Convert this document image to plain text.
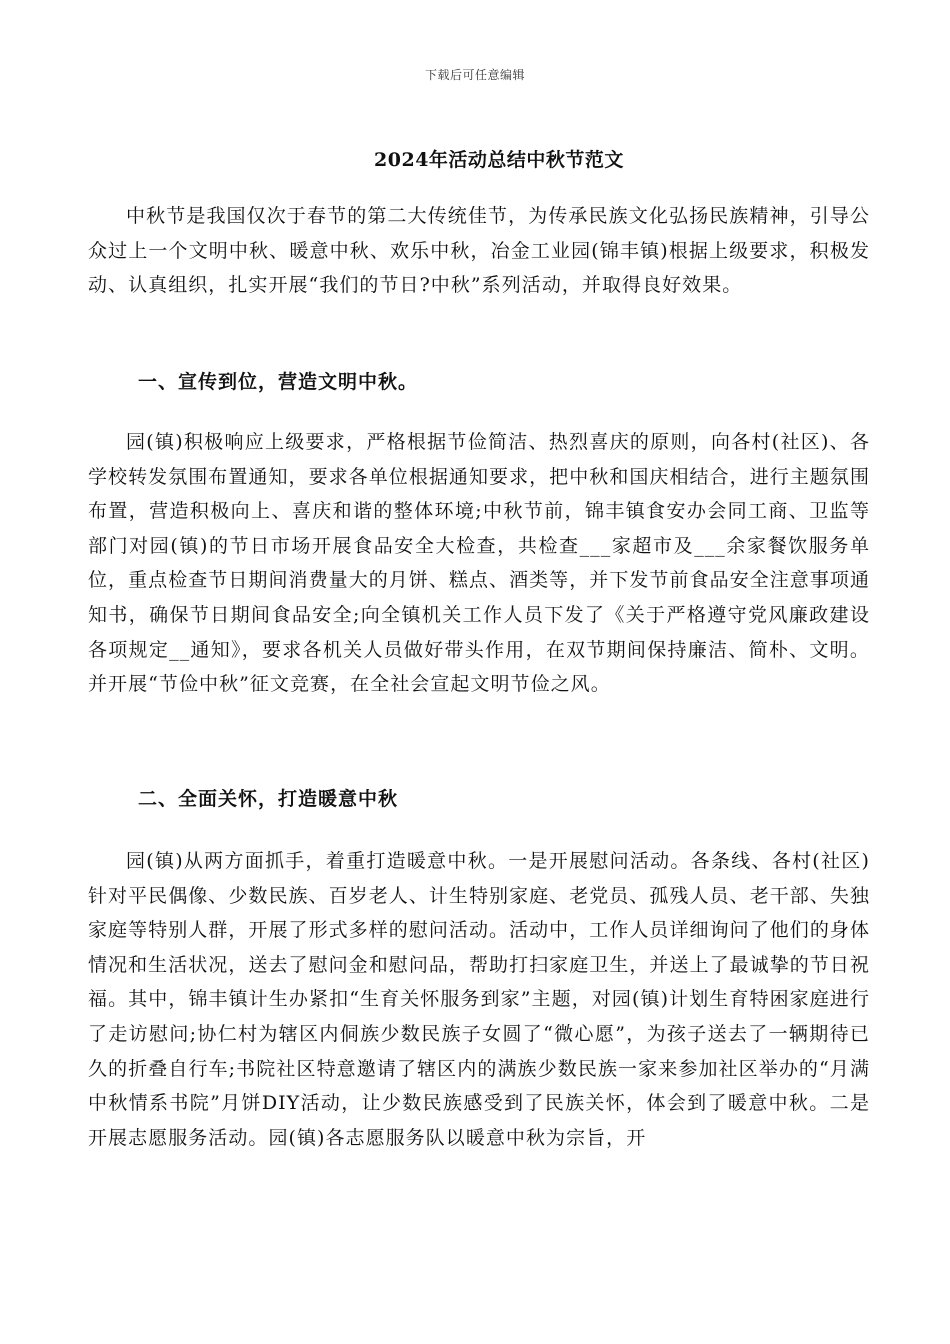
下载后可任意编辑
2024年活动总结中秋节范文

中秋节是我国仅次于春节的第二大传统佳节，为传承民族文化弘扬民族精神，引导公众过上一个文明中秋、暖意中秋、欢乐中秋，冶金工业园(锦丰镇)根据上级要求，积极发动、认真组织，扎实开展“我们的节日?中秋”系列活动，并取得良好效果。

一、宣传到位，营造文明中秋。

园(镇)积极响应上级要求，严格根据节俭简洁、热烈喜庆的原则，向各村(社区)、各学校转发氛围布置通知，要求各单位根据通知要求，把中秋和国庆相结合，进行主题氛围布置，营造积极向上、喜庆和谐的整体环境;中秋节前，锦丰镇食安办会同工商、卫监等部门对园(镇)的节日市场开展食品安全大检查，共检查___家超市及___余家餐饮服务单位，重点检查节日期间消费量大的月饼、糕点、酒类等，并下发节前食品安全注意事项通知书，确保节日期间食品安全;向全镇机关工作人员下发了《关于严格遵守党风廉政建设各项规定__通知》，要求各机关人员做好带头作用，在双节期间保持廉洁、简朴、文明。并开展“节俭中秋”征文竞赛，在全社会宣起文明节俭之风。

二、全面关怀，打造暖意中秋

园(镇)从两方面抓手，着重打造暖意中秋。一是开展慰问活动。各条线、各村(社区)针对平民偶像、少数民族、百岁老人、计生特别家庭、老党员、孤残人员、老干部、失独家庭等特别人群，开展了形式多样的慰问活动。活动中，工作人员详细询问了他们的身体情况和生活状况，送去了慰问金和慰问品，帮助打扫家庭卫生，并送上了最诚挚的节日祝福。其中，锦丰镇计生办紧扣“生育关怀服务到家”主题，对园(镇)计划生育特困家庭进行了走访慰问;协仁村为辖区内侗族少数民族子女圆了“微心愿”，为孩子送去了一辆期待已久的折叠自行车;书院社区特意邀请了辖区内的满族少数民族一家来参加社区举办的“月满中秋情系书院”月饼DIY活动，让少数民族感受到了民族关怀，体会到了暖意中秋。二是开展志愿服务活动。园(镇)各志愿服务队以暖意中秋为宗旨，开
